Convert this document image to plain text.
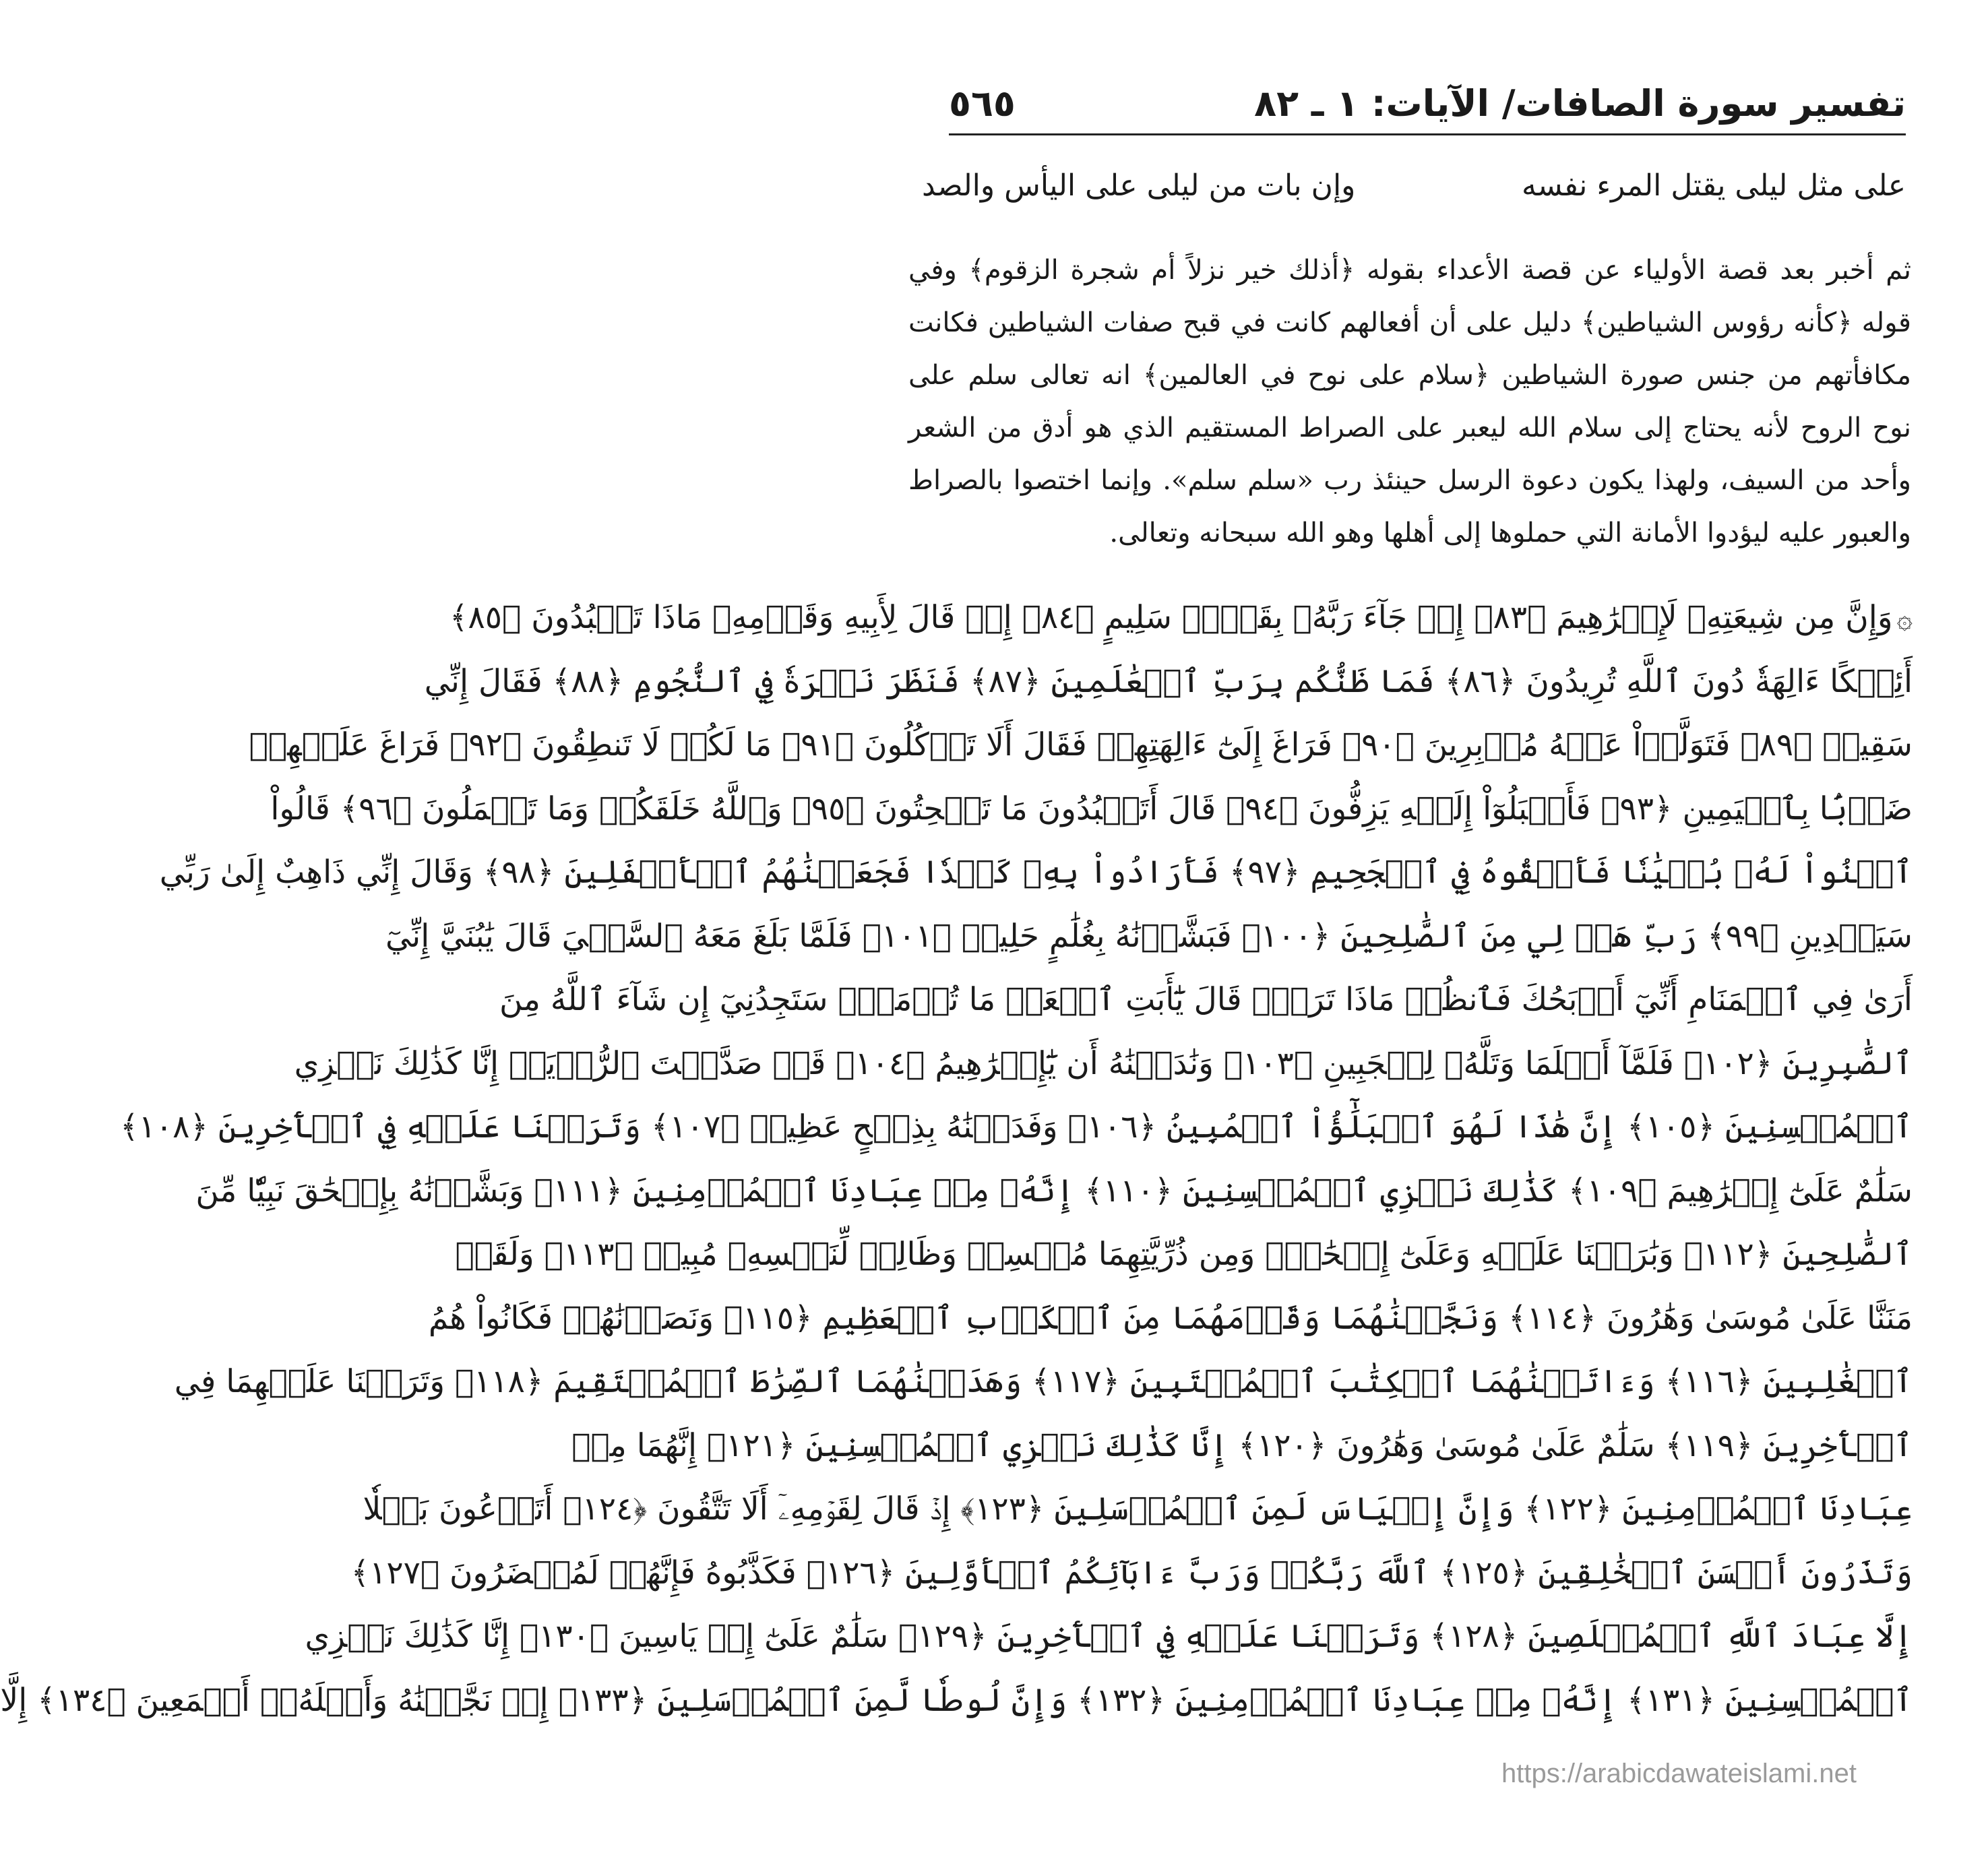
تفسير سورة الصافات/ الآيات: ١ ـ ٨٢
٥٦٥
على مثل ليلى يقتل المرء نفسه
وإن بات من ليلى على اليأس والصد

ثم أخبر بعد قصة الأولياء عن قصة الأعداء بقوله ﴿أذلك خير نزلاً أم شجرة الزقوم﴾ وفي قوله ﴿كأنه رؤوس الشياطين﴾ دليل على أن أفعالهم كانت في قبح صفات الشياطين فكانت مكافأتهم من جنس صورة الشياطين ﴿سلام على نوح في العالمين﴾ انه تعالى سلم على نوح الروح لأنه يحتاج إلى سلام الله ليعبر على الصراط المستقيم الذي هو أدق من الشعر وأحد من السيف، ولهذا يكون دعوة الرسل حينئذ رب «سلم سلم». وإنما اختصوا بالصراط والعبور عليه ليؤدوا الأمانة التي حملوها إلى أهلها وهو الله سبحانه وتعالى.

۞وَإِنَّ مِن شِيعَتِهِۦ لَإِبۡرَٰهِيمَ ﴿٨٣﴾ إِذۡ جَآءَ رَبَّهُۥ بِقَلۡبٖ سَلِيمٍ ﴿٨٤﴾ إِذۡ قَالَ لِأَبِيهِ وَقَوۡمِهِۦ مَاذَا تَعۡبُدُونَ ﴿٨٥﴾
أَئِفۡكًا ءَالِهَةٗ دُونَ ٱللَّهِ تُرِيدُونَ ﴿٨٦﴾ فَمَا ظَنُّكُم بِرَبِّ ٱلۡعَٰلَمِينَ ﴿٨٧﴾ فَنَظَرَ نَظۡرَةٗ فِي ٱلنُّجُومِ ﴿٨٨﴾ فَقَالَ إِنِّي
سَقِيمٞ ﴿٨٩﴾ فَتَوَلَّوۡاْ عَنۡهُ مُدۡبِرِينَ ﴿٩٠﴾ فَرَاغَ إِلَىٰٓ ءَالِهَتِهِمۡ فَقَالَ أَلَا تَأۡكُلُونَ ﴿٩١﴾ مَا لَكُمۡ لَا تَنطِقُونَ ﴿٩٢﴾ فَرَاغَ عَلَيۡهِمۡ
ضَرۡبَۢا بِٱلۡيَمِينِ ﴿٩٣﴾ فَأَقۡبَلُوٓاْ إِلَيۡهِ يَزِفُّونَ ﴿٩٤﴾ قَالَ أَتَعۡبُدُونَ مَا تَنۡحِتُونَ ﴿٩٥﴾ وَٱللَّهُ خَلَقَكُمۡ وَمَا تَعۡمَلُونَ ﴿٩٦﴾ قَالُواْ
ٱبۡنُواْ لَهُۥ بُنۡيَٰنٗا فَأَلۡقُوهُ فِي ٱلۡجَحِيمِ ﴿٩٧﴾ فَأَرَادُواْ بِهِۦ كَيۡدٗا فَجَعَلۡنَٰهُمُ ٱلۡأَسۡفَلِينَ ﴿٩٨﴾ وَقَالَ إِنِّي ذَاهِبٌ إِلَىٰ رَبِّي
سَيَهۡدِينِ ﴿٩٩﴾ رَبِّ هَبۡ لِي مِنَ ٱلصَّٰلِحِينَ ﴿١٠٠﴾ فَبَشَّرۡنَٰهُ بِغُلَٰمٍ حَلِيمٖ ﴿١٠١﴾ فَلَمَّا بَلَغَ مَعَهُ ٱلسَّعۡيَ قَالَ يَٰبُنَيَّ إِنِّيٓ
أَرَىٰ فِي ٱلۡمَنَامِ أَنِّيٓ أَذۡبَحُكَ فَٱنظُرۡ مَاذَا تَرَىٰۚ قَالَ يَٰٓأَبَتِ ٱفۡعَلۡ مَا تُؤۡمَرُۖ سَتَجِدُنِيٓ إِن شَآءَ ٱللَّهُ مِنَ
ٱلصَّٰبِرِينَ ﴿١٠٢﴾ فَلَمَّآ أَسۡلَمَا وَتَلَّهُۥ لِلۡجَبِينِ ﴿١٠٣﴾ وَنَٰدَيۡنَٰهُ أَن يَٰٓإِبۡرَٰهِيمُ ﴿١٠٤﴾ قَدۡ صَدَّقۡتَ ٱلرُّءۡيَآۚ إِنَّا كَذَٰلِكَ نَجۡزِي
ٱلۡمُحۡسِنِينَ ﴿١٠٥﴾ إِنَّ هَٰذَا لَهُوَ ٱلۡبَلَٰٓؤُاْ ٱلۡمُبِينُ ﴿١٠٦﴾ وَفَدَيۡنَٰهُ بِذِبۡحٍ عَظِيمٖ ﴿١٠٧﴾ وَتَرَكۡنَا عَلَيۡهِ فِي ٱلۡأٓخِرِينَ ﴿١٠٨﴾
سَلَٰمٌ عَلَىٰٓ إِبۡرَٰهِيمَ ﴿١٠٩﴾ كَذَٰلِكَ نَجۡزِي ٱلۡمُحۡسِنِينَ ﴿١١٠﴾ إِنَّهُۥ مِنۡ عِبَادِنَا ٱلۡمُؤۡمِنِينَ ﴿١١١﴾ وَبَشَّرۡنَٰهُ بِإِسۡحَٰقَ نَبِيّٗا مِّنَ
ٱلصَّٰلِحِينَ ﴿١١٢﴾ وَبَٰرَكۡنَا عَلَيۡهِ وَعَلَىٰٓ إِسۡحَٰقَۚ وَمِن ذُرِّيَّتِهِمَا مُحۡسِنٞ وَظَالِمٞ لِّنَفۡسِهِۦ مُبِينٞ ﴿١١٣﴾ وَلَقَدۡ
مَنَنَّا عَلَىٰ مُوسَىٰ وَهَٰرُونَ ﴿١١٤﴾ وَنَجَّيۡنَٰهُمَا وَقَوۡمَهُمَا مِنَ ٱلۡكَرۡبِ ٱلۡعَظِيمِ ﴿١١٥﴾ وَنَصَرۡنَٰهُمۡ فَكَانُواْ هُمُ
ٱلۡغَٰلِبِينَ ﴿١١٦﴾ وَءَاتَيۡنَٰهُمَا ٱلۡكِتَٰبَ ٱلۡمُسۡتَبِينَ ﴿١١٧﴾ وَهَدَيۡنَٰهُمَا ٱلصِّرَٰطَ ٱلۡمُسۡتَقِيمَ ﴿١١٨﴾ وَتَرَكۡنَا عَلَيۡهِمَا فِي
ٱلۡأٓخِرِينَ ﴿١١٩﴾ سَلَٰمٌ عَلَىٰ مُوسَىٰ وَهَٰرُونَ ﴿١٢٠﴾ إِنَّا كَذَٰلِكَ نَجۡزِي ٱلۡمُحۡسِنِينَ ﴿١٢١﴾ إِنَّهُمَا مِنۡ
عِبَادِنَا ٱلۡمُؤۡمِنِينَ ﴿١٢٢﴾ وَإِنَّ إِلۡيَاسَ لَمِنَ ٱلۡمُرۡسَلِينَ ﴿١٢٣﴾ إِذۡ قَالَ لِقَوۡمِهِۦٓ أَلَا تَتَّقُونَ ﴿١٢٤﴾ أَتَدۡعُونَ بَعۡلٗا
وَتَذَرُونَ أَحۡسَنَ ٱلۡخَٰلِقِينَ ﴿١٢٥﴾ ٱللَّهَ رَبَّكُمۡ وَرَبَّ ءَابَآئِكُمُ ٱلۡأَوَّلِينَ ﴿١٢٦﴾ فَكَذَّبُوهُ فَإِنَّهُمۡ لَمُحۡضَرُونَ ﴿١٢٧﴾
إِلَّا عِبَادَ ٱللَّهِ ٱلۡمُخۡلَصِينَ ﴿١٢٨﴾ وَتَرَكۡنَا عَلَيۡهِ فِي ٱلۡأٓخِرِينَ ﴿١٢٩﴾ سَلَٰمٌ عَلَىٰٓ إِلۡ يَاسِينَ ﴿١٣٠﴾ إِنَّا كَذَٰلِكَ نَجۡزِي
ٱلۡمُحۡسِنِينَ ﴿١٣١﴾ إِنَّهُۥ مِنۡ عِبَادِنَا ٱلۡمُؤۡمِنِينَ ﴿١٣٢﴾ وَإِنَّ لُوطٗا لَّمِنَ ٱلۡمُرۡسَلِينَ ﴿١٣٣﴾ إِذۡ نَجَّيۡنَٰهُ وَأَهۡلَهُۥٓ أَجۡمَعِينَ ﴿١٣٤﴾ إِلَّا
https://arabicdawateislami.net
